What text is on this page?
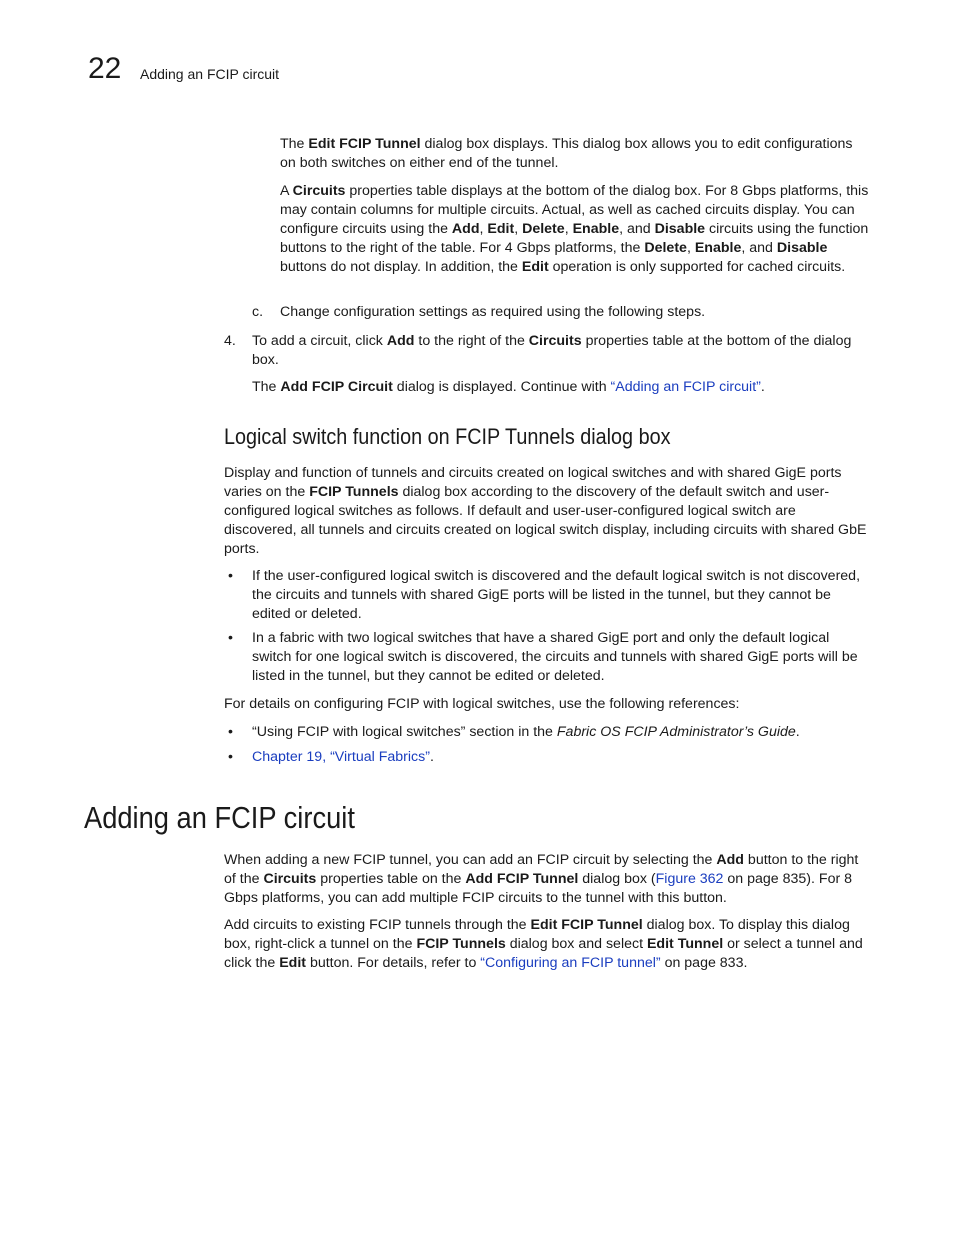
22 Adding an FCIP circuit

The Edit FCIP Tunnel dialog box displays. This dialog box allows you to edit configurations on both switches on either end of the tunnel.

A Circuits properties table displays at the bottom of the dialog box. For 8 Gbps platforms, this may contain columns for multiple circuits. Actual, as well as cached circuits display. You can configure circuits using the Add, Edit, Delete, Enable, and Disable circuits using the function buttons to the right of the table. For 4 Gbps platforms, the Delete, Enable, and Disable buttons do not display. In addition, the Edit operation is only supported for cached circuits.

c. Change configuration settings as required using the following steps.

4. To add a circuit, click Add to the right of the Circuits properties table at the bottom of the dialog box.

The Add FCIP Circuit dialog is displayed. Continue with “Adding an FCIP circuit”.

Logical switch function on FCIP Tunnels dialog box

Display and function of tunnels and circuits created on logical switches and with shared GigE ports varies on the FCIP Tunnels dialog box according to the discovery of the default switch and user-configured logical switches as follows. If default and user-user-configured logical switch are discovered, all tunnels and circuits created on logical switch display, including circuits with shared GbE ports.

• If the user-configured logical switch is discovered and the default logical switch is not discovered, the circuits and tunnels with shared GigE ports will be listed in the tunnel, but they cannot be edited or deleted.

• In a fabric with two logical switches that have a shared GigE port and only the default logical switch for one logical switch is discovered, the circuits and tunnels with shared GigE ports will be listed in the tunnel, but they cannot be edited or deleted.

For details on configuring FCIP with logical switches, use the following references:

• “Using FCIP with logical switches” section in the Fabric OS FCIP Administrator’s Guide.

• Chapter 19, “Virtual Fabrics”.

Adding an FCIP circuit

When adding a new FCIP tunnel, you can add an FCIP circuit by selecting the Add button to the right of the Circuits properties table on the Add FCIP Tunnel dialog box (Figure 362 on page 835). For 8 Gbps platforms, you can add multiple FCIP circuits to the tunnel with this button.

Add circuits to existing FCIP tunnels through the Edit FCIP Tunnel dialog box. To display this dialog box, right-click a tunnel on the FCIP Tunnels dialog box and select Edit Tunnel or select a tunnel and click the Edit button. For details, refer to “Configuring an FCIP tunnel” on page 833.
